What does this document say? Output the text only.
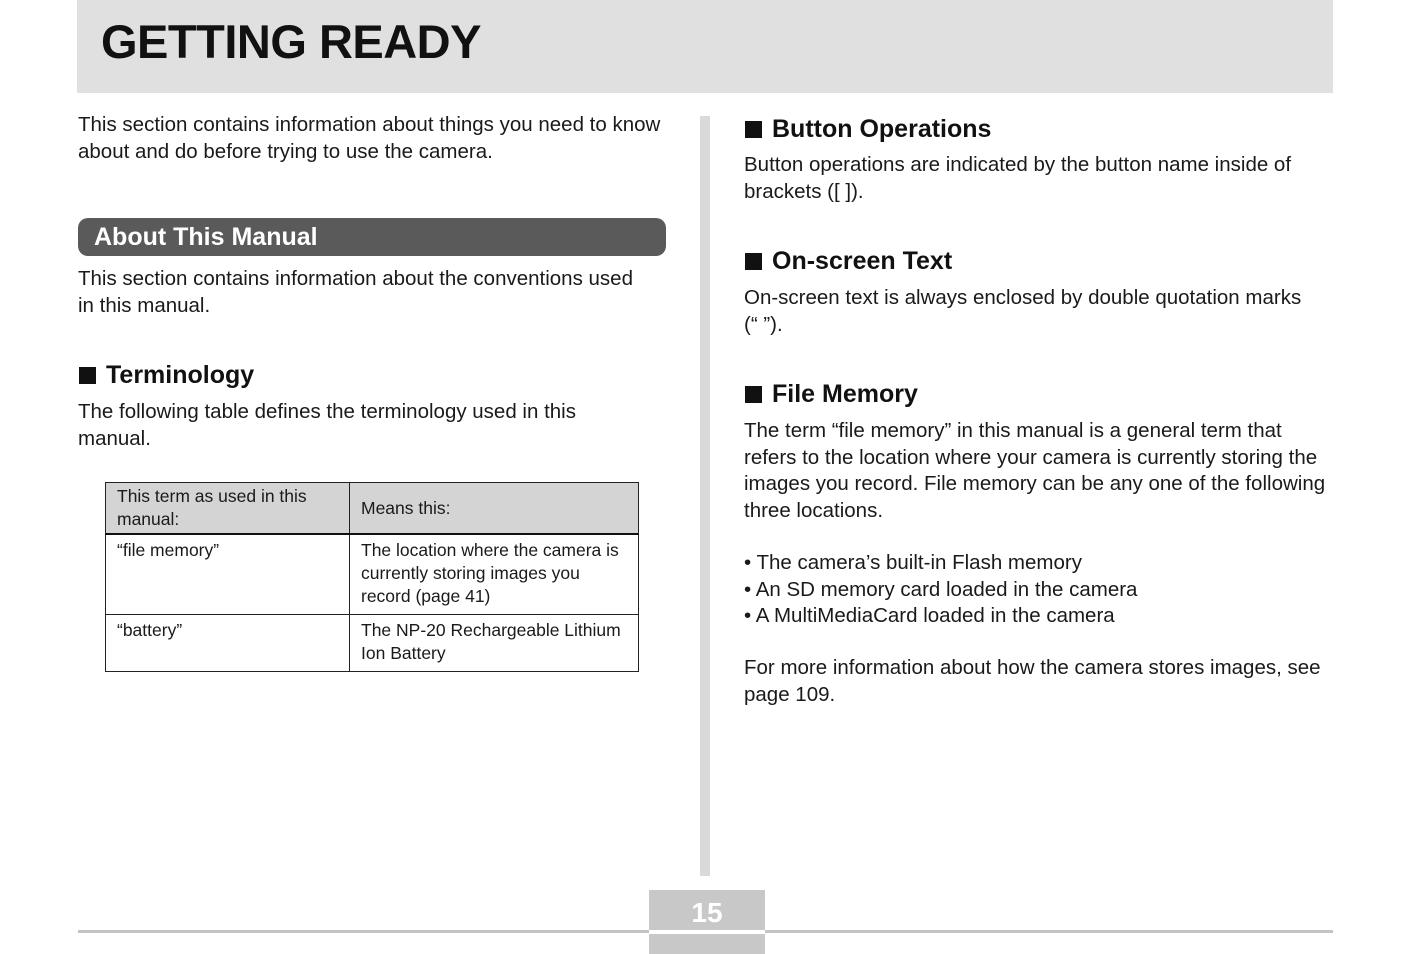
GETTING READY

This section contains information about things you need to know about and do before trying to use the camera.

About This Manual

This section contains information about the conventions used in this manual.

Terminology

The following table defines the terminology used in this manual.

This term as used in this manual:	Means this:
“file memory”	The location where the camera is currently storing images you record (page 41)
“battery”	The NP-20 Rechargeable Lithium Ion Battery
Button Operations

Button operations are indicated by the button name inside of brackets ([ ]).

On-screen Text

On-screen text is always enclosed by double quotation marks (“ ”).

File Memory

The term “file memory” in this manual is a general term that refers to the location where your camera is currently storing the images you record. File memory can be any one of the following three locations.

• The camera’s built-in Flash memory
• An SD memory card loaded in the camera
• A MultiMediaCard loaded in the camera

For more information about how the camera stores images, see page 109.

15
